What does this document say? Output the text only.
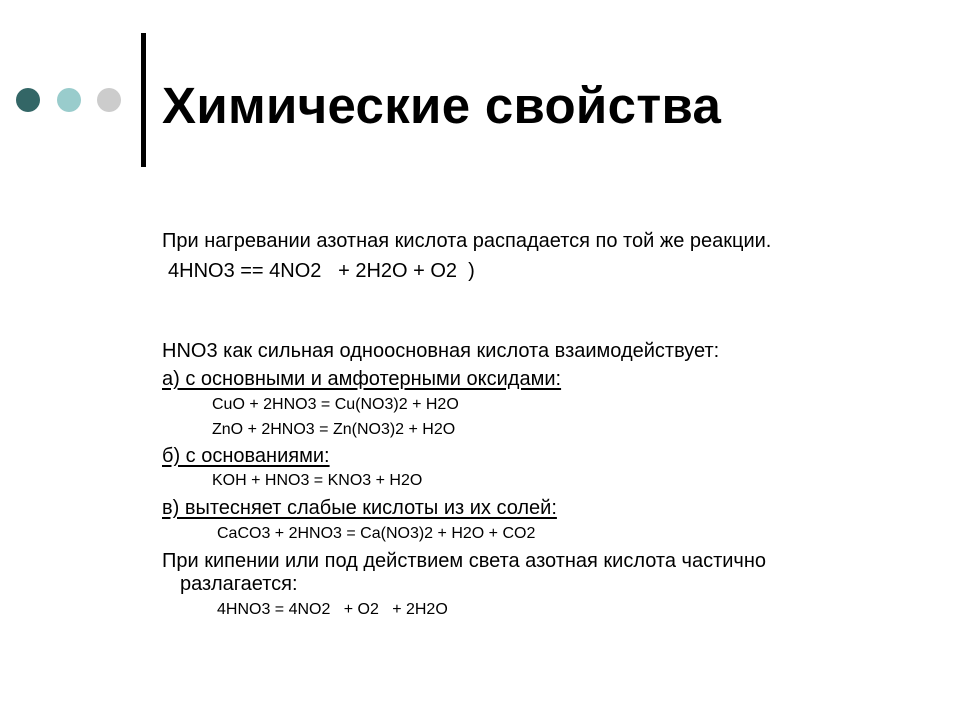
Химические свойства

При нагревании азотная кислота распадается по той же реакции.

4HNO3 == 4NO2   + 2H2O + O2  )

HNO3 как сильная одноосновная кислота взаимодействует:

а) с основными и амфотерными оксидами:

CuO + 2HNO3 = Cu(NO3)2 + H2O

ZnO + 2HNO3 = Zn(NO3)2 + H2O

б) с основаниями:

KOH + HNO3 = KNO3 + H2O

в) вытесняет слабые кислоты из их солей:

CaCO3 + 2HNO3 = Ca(NO3)2 + H2O + CO2

При кипении или под действием света азотная кислота частично

разлагается:

4HNO3 = 4NO2   + O2   + 2H2O
